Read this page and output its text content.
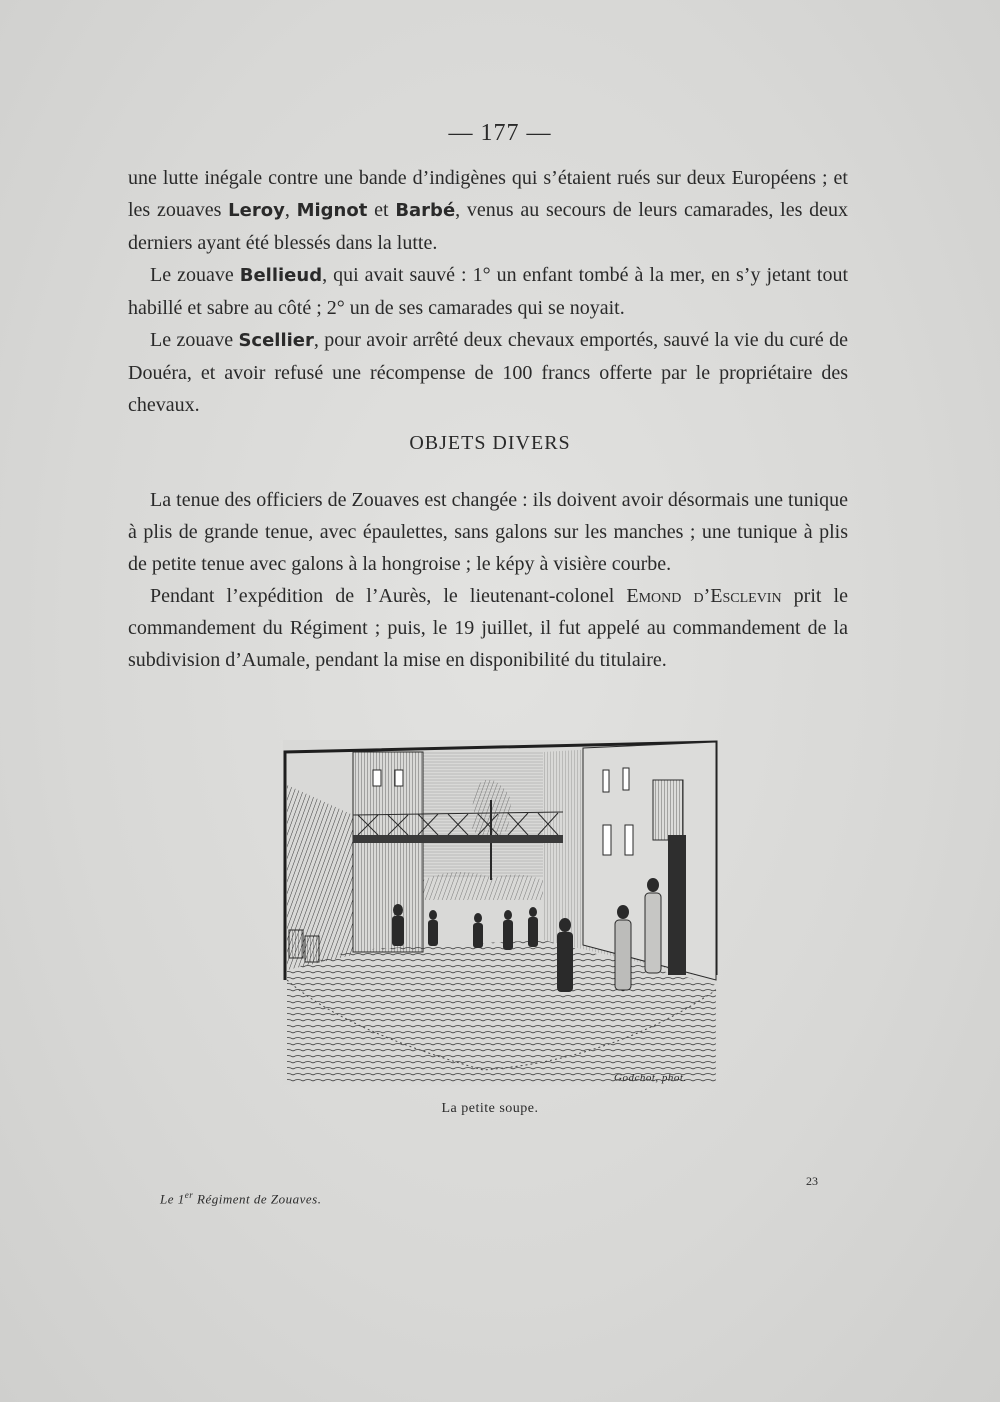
— 177 —

une lutte inégale contre une bande d’indigènes qui s’étaient rués sur deux Européens ; et les zouaves Leroy, Mignot et Barbé, venus au secours de leurs camarades, les deux derniers ayant été blessés dans la lutte.

Le zouave Bellieud, qui avait sauvé : 1° un enfant tombé à la mer, en s’y jetant tout habillé et sabre au côté ; 2° un de ses camarades qui se noyait.

Le zouave Scellier, pour avoir arrêté deux chevaux emportés, sauvé la vie du curé de Douéra, et avoir refusé une récompense de 100 francs offerte par le propriétaire des chevaux.

OBJETS DIVERS

La tenue des officiers de Zouaves est changée : ils doivent avoir désormais une tunique à plis de grande tenue, avec épaulettes, sans galons sur les manches ; une tunique à plis de petite tenue avec galons à la hongroise ; le képy à visière courbe.

Pendant l’expédition de l’Aurès, le lieutenant-colonel Emond d’Esclevin prit le commandement du Régiment ; puis, le 19 juillet, il fut appelé au commandement de la subdivision d’Aumale, pendant la mise en disponibilité du titulaire.

Godchot, phot.
La petite soupe.
Le 1er Régiment de Zouaves.
23
